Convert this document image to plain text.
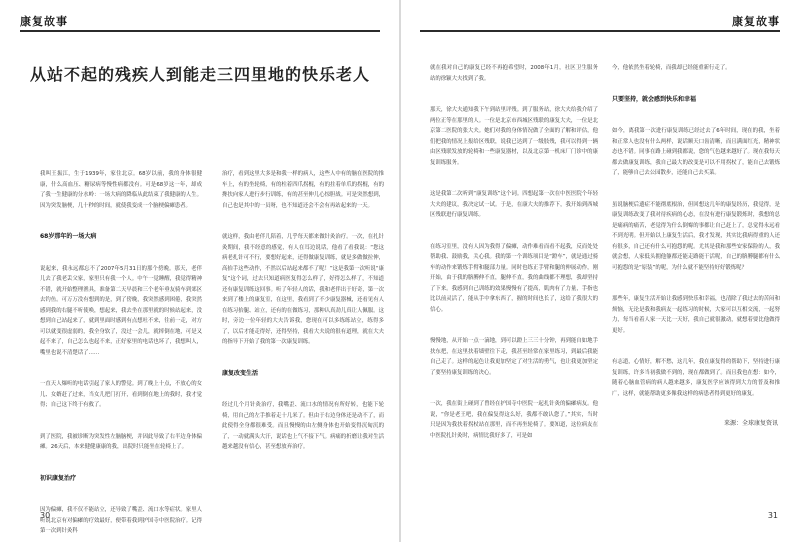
康复故事
从站不起的残疾人到能走三四里地的快乐老人

我叫王振江，生于1939年，家住北京。68岁以前，我的身体很健康，什么高血压、糖尿病等慢性病都没有。可是68岁这一年，却成了我一生健康的分水岭：一场大病的降临从此结束了我健康的人生。因为突发脑梗，几十秒的时间，就使我变成一个脑梗偏瘫患者。

68岁那年的一场大病

说起来，我永远都忘不了2007年5月31日的那个傍晚。那天，老伴儿去了我老丢父家，家里只有我一个人。中午一觉睡醒，我觉得精神不错，就开始整理渔具，准备第二天早晨和三个老年垂友骑车到郊区去钓鱼。可万万没有想到的是，到了傍晚，我突然感到困倦，我突然感到我的右腿不听使唤，想起来，我去坐在那里就的时候站起来，没想到自己站起来了，就到里面时感到有点想吐不来，往前一走，对方可以就变很虚弱的，我全身软了，没过一会儿，就摔倒在地，可是又起不来了，自己怎么也起不来，正好家里的电话也坏了，我想叫人，嘴里也说不清楚话了……

一直天人爆听的电话引起了家人的警觉。到了晚上十点，不放心的女儿、女婿赶了过来，当女儿把门打开，看到倒在地上的我时，我才觉得；自己这下终于有救了。

到了医院，我被诊断为突发性左脑脑梗，并因此导致了右半边身体偏瘫。26天后，本来健健康康的我，出院时只能坐在轮椅上了。

初识康复治疗

因为偏瘫，我不仅不能站立，还导致了嘴歪、流口水等症状。家里人听说北京有对偏瘫的疗效最好，便带着我到护国寺中医院治疗。记得第一次到针灸科

治疗，看到这里大多是和我一样的病人，这些人中有的脑在医院的推车上，有的坐轮椅，有的柱着四爪拐棍，有的拄着单爪的拐棍，有的搀扶向家人进行步行训练，有的甚至伸儿心惊胆战。可是突然想到，自己也是其中的一员呀，也不知道还会不会有再站起来的一天。

就这样，我由老伴儿陪着，几乎每天都来做针灸治疗。一次，在扎针灸期间，我不经意的感觉，有人在耳边说话，他看了看我说：“您这病老扎针可不行，要想好起来，还得做康复训练，就是多做做拉伸，高抬手这些动作，不然以后站起来都不了呢！”这是我第一次听说“康复”这个词，过去只知道病医复得怎么样了，好得怎么样了，不知道还有康复训练这回事。听了年轻人的话，我和老伴出于好奇，第一次来到了楼上的康复室，在这里，我看到了不少康复器械，还看见有人在练习抬腿、站立，还有的在做练习，那种认真劲儿真让人佩服。这时，旁边一位年轻的大夫告诉我，您现在可以多练练站立，练得多了，以后才能走得好，还得坚持，我看大夫说的很有道理，就在大夫的指导下开始了我的第一次康复训练。

康复改变生活

经过几个月针灸治疗，我嘴歪、流口水的情况有所好转，也能下轮椅，用自己的左手推着走十几米了。但由于右边身体还是动不了，而此使得全身都很难受。而且慢慢的由左侧身体也开始变得沉甸沉的了，一动就满头大汗，说话也上气不接下气。病痛的折磨让我对生活越来越没有信心，甚至想放弃治疗。

30
康复故事

就在我对自己的康复已经不再抱希望时，2008年1月，社区卫生服务站的徐颖大夫找到了我。

那天，徐大夫通知我下午到站里评残。到了服务站，徐大夫给我介绍了两位正等在那里的人。一位是北京市西城区残联的康复大夫，一位是北京第二医院的张大夫。她们对我的身体情况做了全面的了解和评估，他们把我的情况上报给区残联，说我已达到了一级肢残，我可以得到一辆由区残联发放的轮椅和一些康复器材，以及北京第一机床厂门诊中的康复训练服务。

这是我第二次听到“康复训练”这个词。四想起第一次在中医医院个年轻大夫的建议，我决定试一试。于是，在康大夫的推荐下，我开始到西城区残联进行康复训练。

在练习室里，没有人因为我得了偏瘫，动作难看而看不起我，反而处处帮助我、鼓励我，关心我。我的第一个训练项目是“蹬车”，就是通过骑车的动作来锻炼手臂和腿部力量。同时也练正手臂和腿的伸展动作，刚开始，由于我的胳膊伸不直，腿伸不直，我的曲线都不理想，我却坚持了下来。我感到自己训练的效果慢慢有了提高，肌肉有了力量，手指也比以前灵活了，能从手中拿东西了，握的时间也长了，这给了我很大的信心。

慢慢地，从开始一点一滴地，到可以蹬上三三十分钟，再到能自如地手扶东把，在这里扶着墙壁往下走，我甚至经常在家里练习，到最后我能自己走了。这样的起色让我更加坚定了对生活的勇气，也让我更加坚定了要坚持康复训练的决心。

一次，我在街上碰到了曾经在护国寺中医院一起扎针灸的偏瘫病友。他说，“你是老王吧，我在偏复得这么好，我都不敢认您了。”其实，当时只是因为我扶着拐杖站在那里，而不再坐轮椅了。要知道，这位病友在中医院扎针灸时，病情比我好多了，可是如

今，他依然坐着轮椅，而我却已经能重新行走了。

只要坚持，就会感到快乐和幸福

如今，离我第一次进行康复训练已经过去了6年时间，现在的我，坐着和正常人也没有什么两样，说话顺天口齿清晰，而且满面红光，精神状态也不错。同事在路上碰到我都说，您的气色越来越好了。现在我每天都去做康复训练，我自己最大的改变是可以不用拐杖了，能自己去锻炼了，能够自己去公园散步，还能自己去买菜。

虽说脑梗后遗症不能彻底根治，但回想这几年的康复经历，我觉得，是康复训练改变了我对待疾病的心态，在没有进行康复锻炼时，我想的总是痛病的痛苦，老觉得为什么倒霉的事都让自己赶上了，总觉得永远看不到光明。但开始以上康复生活后，我才发现，其实比我病得重的人还有很多，自己还有什么可抱怨的呢。尤其是我和那些安家保险的人，我就会想，人家低头拥他躯都还能走路能干活呢，自己的胳膊腿都有什么可抱怨的是“原装”的呢，为什么就不能坚持好好锻炼呢？

那些年，康复生活开始让我感到快乐和幸福，也清除了我过去的苦闷和烦恼，无论是我和我病友一起练习的时候，大家可以互相交流，一起努力，每当看着人家一天比一天好，我自己就很激动，就想着要比他做得更好。

有志道，心情好，解不愁，这几年，我在康复得的帮助下，坚持进行康复训练，许多当初我做不到的，现在都做到了。而且我也在想：如今，随着心脑血管病的病人越来越多，康复医学应该得到大力的普及和推广，这样，就能帮助更多像我这样的病患者得到更好的康复。

来源：全球康复资讯
31
